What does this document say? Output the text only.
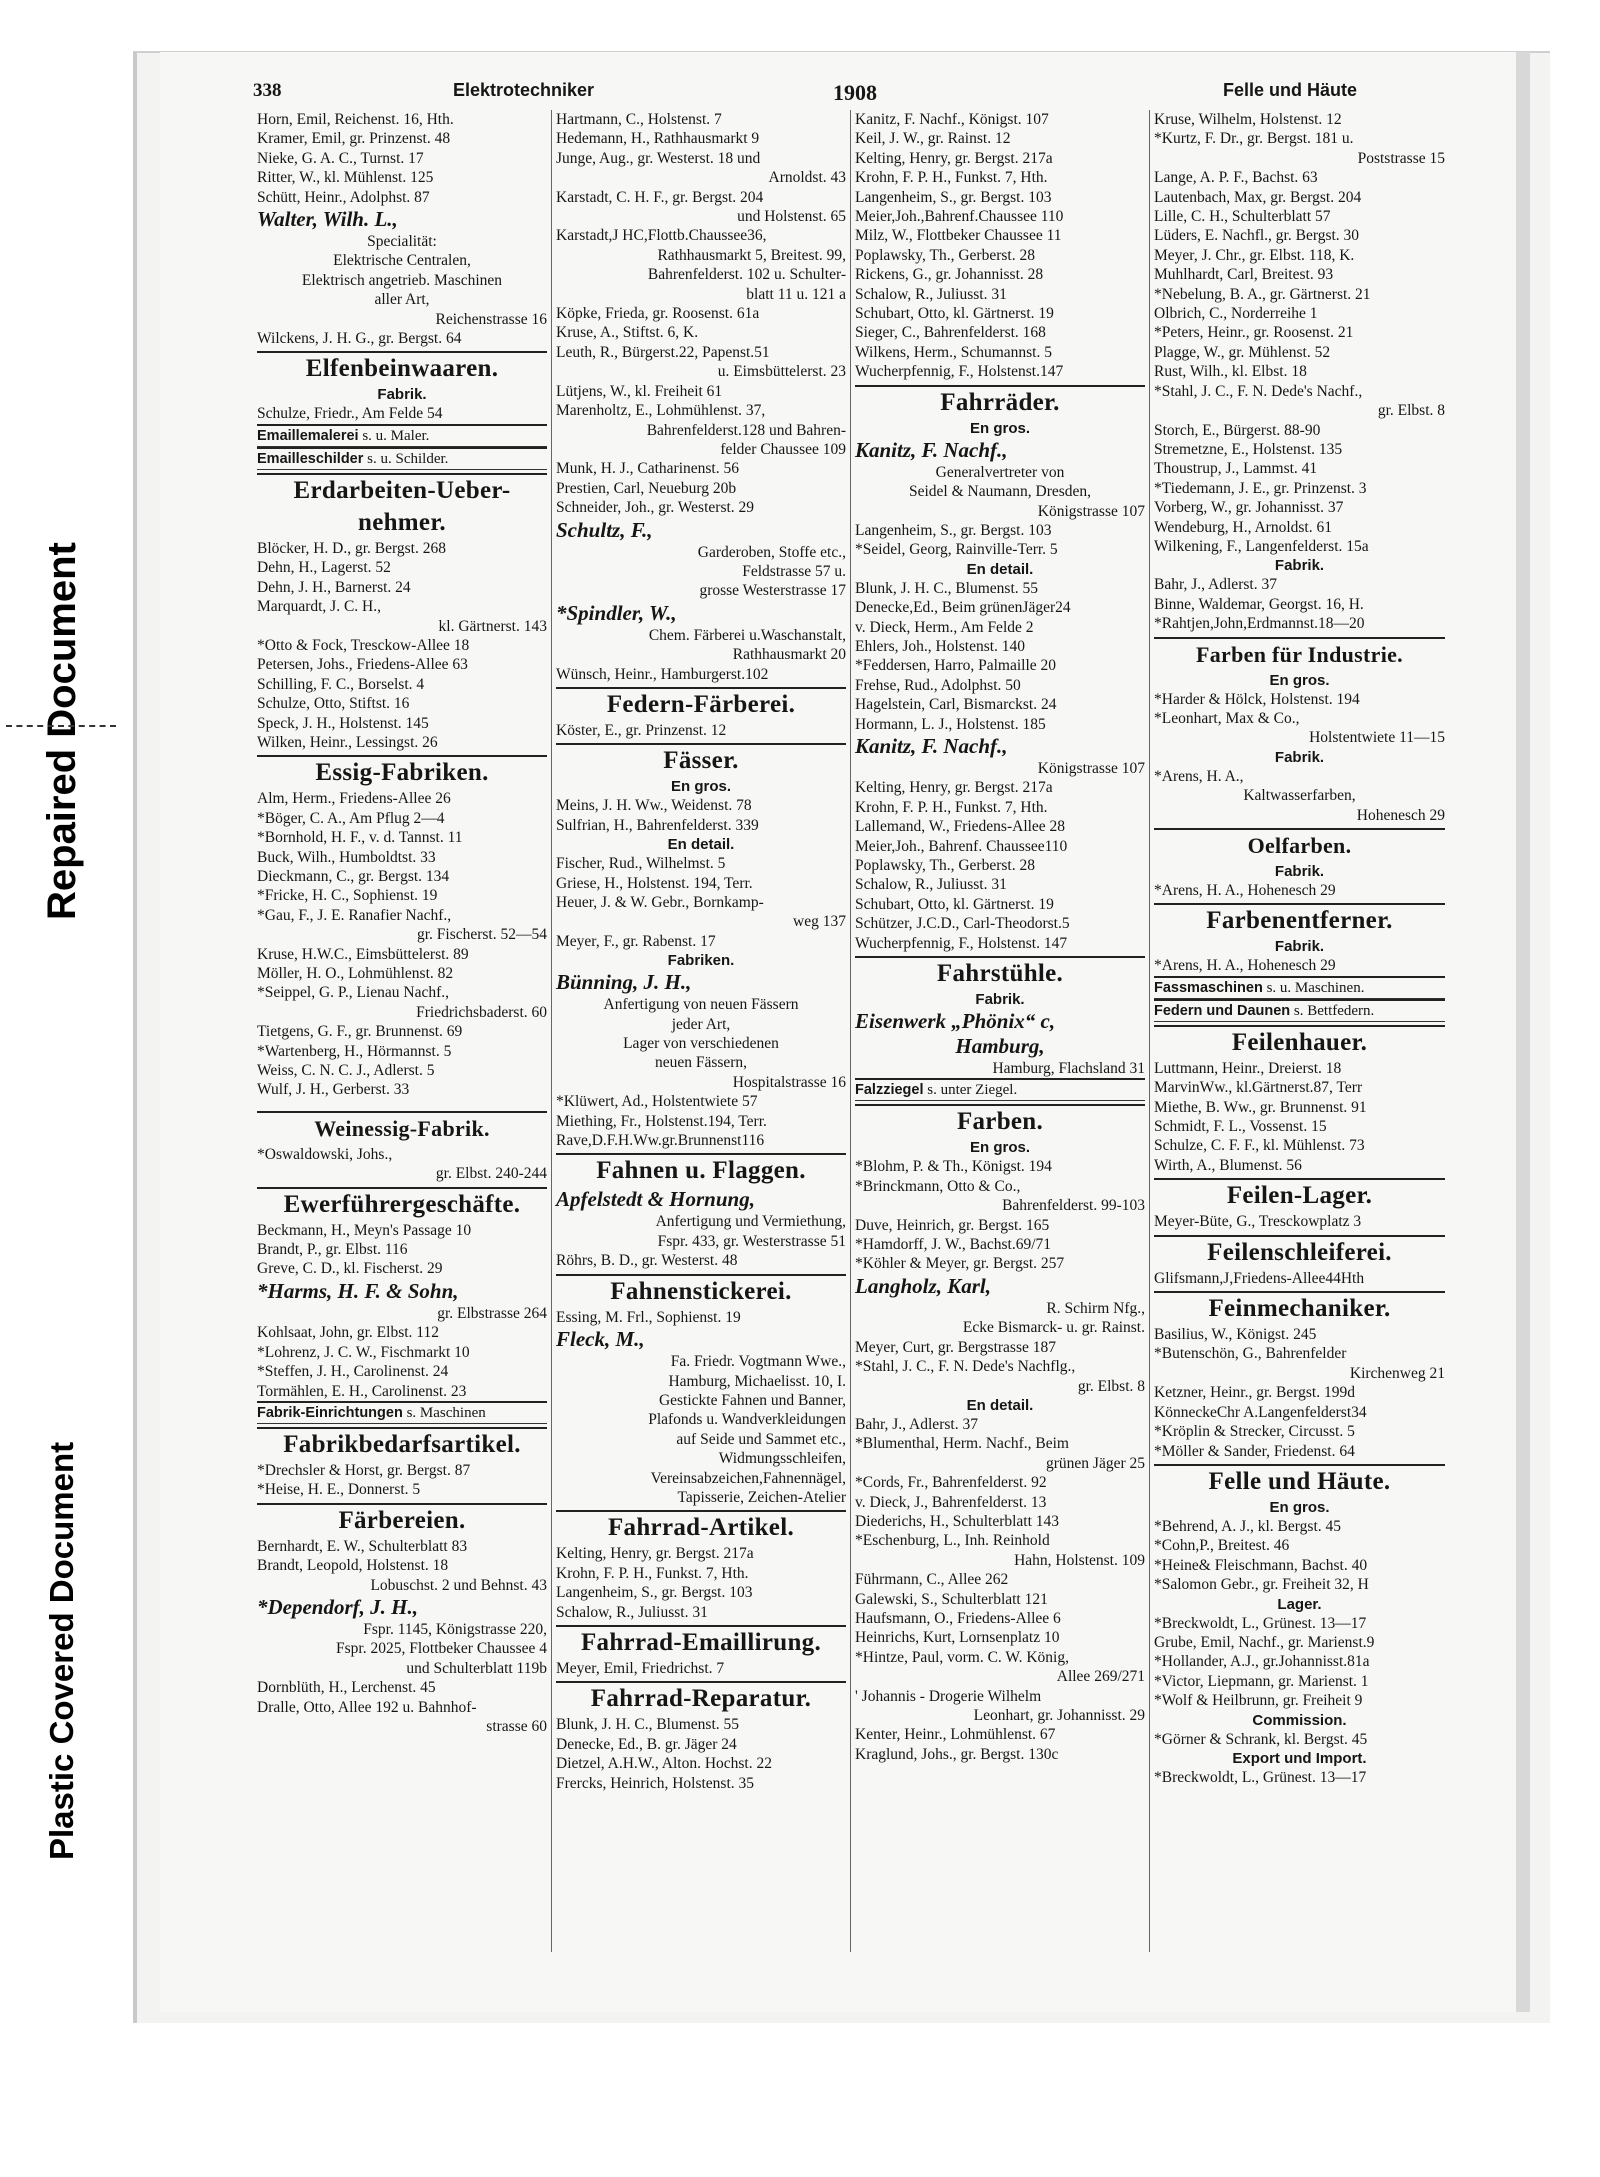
Repaired Document
Plastic Covered Document
338	Elektrotechniker	1908	Felle und Häute
Horn, Emil, Reichenst. 16, Hth.
Kramer, Emil, gr. Prinzenst. 48
Nieke, G. A. C., Turnst. 17
Ritter, W., kl. Mühlenst. 125
Schütt, Heinr., Adolphst. 87
Walter, Wilh. L.,
Specialität:
Elektrische Centralen,
Elektrisch angetrieb. Maschinen
aller Art,
Reichenstrasse 16
Wilckens, J. H. G., gr. Bergst. 64
Elfenbeinwaaren.
Fabrik.
Schulze, Friedr., Am Felde 54
Emaillemalerei s. u. Maler.
Emailleschilder s. u. Schilder.
Erdarbeiten-Ueber-
nehmer.
Blöcker, H. D., gr. Bergst. 268
Dehn, H., Lagerst. 52
Dehn, J. H., Barnerst. 24
Marquardt, J. C. H.,
kl. Gärtnerst. 143
*Otto & Fock, Tresckow-Allee 18
Petersen, Johs., Friedens-Allee 63
Schilling, F. C., Borselst. 4
Schulze, Otto, Stiftst. 16
Speck, J. H., Holstenst. 145
Wilken, Heinr., Lessingst. 26
Essig-Fabriken.
Alm, Herm., Friedens-Allee 26
*Böger, C. A., Am Pflug 2—4
*Bornhold, H. F., v. d. Tannst. 11
Buck, Wilh., Humboldtst. 33
Dieckmann, C., gr. Bergst. 134
*Fricke, H. C., Sophienst. 19
*Gau, F., J. E. Ranafier Nachf.,
gr. Fischerst. 52—54
Kruse, H.W.C., Eimsbüttelerst. 89
Möller, H. O., Lohmühlenst. 82
*Seippel, G. P., Lienau Nachf.,
Friedrichsbaderst. 60
Tietgens, G. F., gr. Brunnenst. 69
*Wartenberg, H., Hörmannst. 5
Weiss, C. N. C. J., Adlerst. 5
Wulf, J. H., Gerberst. 33
Weinessig-Fabrik.
*Oswaldowski, Johs.,
gr. Elbst. 240-244
Ewerführergeschäfte.
Beckmann, H., Meyn's Passage 10
Brandt, P., gr. Elbst. 116
Greve, C. D., kl. Fischerst. 29
*Harms, H. F. & Sohn,
gr. Elbstrasse 264
Kohlsaat, John, gr. Elbst. 112
*Lohrenz, J. C. W., Fischmarkt 10
*Steffen, J. H., Carolinenst. 24
Tormählen, E. H., Carolinenst. 23
Fabrik-Einrichtungen s. Maschinen
Fabrikbedarfsartikel.
*Drechsler & Horst, gr. Bergst. 87
*Heise, H. E., Donnerst. 5
Färbereien.
Bernhardt, E. W., Schulterblatt 83
Brandt, Leopold, Holstenst. 18
Lobuschst. 2 und Behnst. 43
*Dependorf, J. H.,
Fspr. 1145, Königstrasse 220,
Fspr. 2025, Flottbeker Chaussee 4
und Schulterblatt 119b
Dornblüth, H., Lerchenst. 45
Dralle, Otto, Allee 192 u. Bahnhof-
strasse 60
Hartmann, C., Holstenst. 7
Hedemann, H., Rathhausmarkt 9
Junge, Aug., gr. Westerst. 18 und
Arnoldst. 43
Karstadt, C. H. F., gr. Bergst. 204
und Holstenst. 65
Karstadt,J HC,Flottb.Chaussee36,
Rathhausmarkt 5, Breitest. 99,
Bahrenfelderst. 102 u. Schulter-
blatt 11 u. 121 a
Köpke, Frieda, gr. Roosenst. 61a
Kruse, A., Stiftst. 6, K.
Leuth, R., Bürgerst.22, Papenst.51
u. Eimsbüttelerst. 23
Lütjens, W., kl. Freiheit 61
Marenholtz, E., Lohmühlenst. 37,
Bahrenfelderst.128 und Bahren-
felder Chaussee 109
Munk, H. J., Catharinenst. 56
Prestien, Carl, Neueburg 20b
Schneider, Joh., gr. Westerst. 29
Schultz, F.,
Garderoben, Stoffe etc.,
Feldstrasse 57 u.
grosse Westerstrasse 17
*Spindler, W.,
Chem. Färberei u.Waschanstalt,
Rathhausmarkt 20
Wünsch, Heinr., Hamburgerst.102
Federn-Färberei.
Köster, E., gr. Prinzenst. 12
Fässer.
En gros.
Meins, J. H. Ww., Weidenst. 78
Sulfrian, H., Bahrenfelderst. 339
En detail.
Fischer, Rud., Wilhelmst. 5
Griese, H., Holstenst. 194, Terr.
Heuer, J. & W. Gebr., Bornkamp-
weg 137
Meyer, F., gr. Rabenst. 17
Fabriken.
Bünning, J. H.,
Anfertigung von neuen Fässern
jeder Art,
Lager von verschiedenen
neuen Fässern,
Hospitalstrasse 16
*Klüwert, Ad., Holstentwiete 57
Miething, Fr., Holstenst.194, Terr.
Rave,D.F.H.Ww.gr.Brunnenst116
Fahnen u. Flaggen.
Apfelstedt & Hornung,
Anfertigung und Vermiethung,
Fspr. 433, gr. Westerstrasse 51
Röhrs, B. D., gr. Westerst. 48
Fahnenstickerei.
Essing, M. Frl., Sophienst. 19
Fleck, M.,
Fa. Friedr. Vogtmann Wwe.,
Hamburg, Michaelisst. 10, I.
Gestickte Fahnen und Banner,
Plafonds u. Wandverkleidungen
auf Seide und Sammet etc.,
Widmungsschleifen,
Vereinsabzeichen,Fahnennägel,
Tapisserie, Zeichen-Atelier
Fahrrad-Artikel.
Kelting, Henry, gr. Bergst. 217a
Krohn, F. P. H., Funkst. 7, Hth.
Langenheim, S., gr. Bergst. 103
Schalow, R., Juliusst. 31
Fahrrad-Emaillirung.
Meyer, Emil, Friedrichst. 7
Fahrrad-Reparatur.
Blunk, J. H. C., Blumenst. 55
Denecke, Ed., B. gr. Jäger 24
Dietzel, A.H.W., Alton. Hochst. 22
Frercks, Heinrich, Holstenst. 35
Kanitz, F. Nachf., Königst. 107
Keil, J. W., gr. Rainst. 12
Kelting, Henry, gr. Bergst. 217a
Krohn, F. P. H., Funkst. 7, Hth.
Langenheim, S., gr. Bergst. 103
Meier,Joh.,Bahrenf.Chaussee 110
Milz, W., Flottbeker Chaussee 11
Poplawsky, Th., Gerberst. 28
Rickens, G., gr. Johannisst. 28
Schalow, R., Juliusst. 31
Schubart, Otto, kl. Gärtnerst. 19
Sieger, C., Bahrenfelderst. 168
Wilkens, Herm., Schumannst. 5
Wucherpfennig, F., Holstenst.147
Fahrräder.
En gros.
Kanitz, F. Nachf.,
Generalvertreter von
Seidel & Naumann, Dresden,
Königstrasse 107
Langenheim, S., gr. Bergst. 103
*Seidel, Georg, Rainville-Terr. 5
En detail.
Blunk, J. H. C., Blumenst. 55
Denecke,Ed., Beim grünenJäger24
v. Dieck, Herm., Am Felde 2
Ehlers, Joh., Holstenst. 140
*Feddersen, Harro, Palmaille 20
Frehse, Rud., Adolphst. 50
Hagelstein, Carl, Bismarckst. 24
Hormann, L. J., Holstenst. 185
Kanitz, F. Nachf.,
Königstrasse 107
Kelting, Henry, gr. Bergst. 217a
Krohn, F. P. H., Funkst. 7, Hth.
Lallemand, W., Friedens-Allee 28
Meier,Joh., Bahrenf. Chaussee110
Poplawsky, Th., Gerberst. 28
Schalow, R., Juliusst. 31
Schubart, Otto, kl. Gärtnerst. 19
Schützer, J.C.D., Carl-Theodorst.5
Wucherpfennig, F., Holstenst. 147
Fahrstühle.
Fabrik.
Eisenwerk „Phönix“ c,
Hamburg,
Hamburg, Flachsland 31
Falzziegel s. unter Ziegel.
Farben.
En gros.
*Blohm, P. & Th., Königst. 194
*Brinckmann, Otto & Co.,
Bahrenfelderst. 99-103
Duve, Heinrich, gr. Bergst. 165
*Hamdorff, J. W., Bachst.69/71
*Köhler & Meyer, gr. Bergst. 257
Langholz, Karl,
R. Schirm Nfg.,
Ecke Bismarck- u. gr. Rainst.
Meyer, Curt, gr. Bergstrasse 187
*Stahl, J. C., F. N. Dede's Nachflg.,
gr. Elbst. 8
En detail.
Bahr, J., Adlerst. 37
*Blumenthal, Herm. Nachf., Beim
grünen Jäger 25
*Cords, Fr., Bahrenfelderst. 92
v. Dieck, J., Bahrenfelderst. 13
Diederichs, H., Schulterblatt 143
*Eschenburg, L., Inh. Reinhold
Hahn, Holstenst. 109
Führmann, C., Allee 262
Galewski, S., Schulterblatt 121
Haufsmann, O., Friedens-Allee 6
Heinrichs, Kurt, Lornsenplatz 10
*Hintze, Paul, vorm. C. W. König,
Allee 269/271
' Johannis - Drogerie Wilhelm
Leonhart, gr. Johannisst. 29
Kenter, Heinr., Lohmühlenst. 67
Kraglund, Johs., gr. Bergst. 130c
Kruse, Wilhelm, Holstenst. 12
*Kurtz, F. Dr., gr. Bergst. 181 u.
Poststrasse 15
Lange, A. P. F., Bachst. 63
Lautenbach, Max, gr. Bergst. 204
Lille, C. H., Schulterblatt 57
Lüders, E. Nachfl., gr. Bergst. 30
Meyer, J. Chr., gr. Elbst. 118, K.
Muhlhardt, Carl, Breitest. 93
*Nebelung, B. A., gr. Gärtnerst. 21
Olbrich, C., Norderreihe 1
*Peters, Heinr., gr. Roosenst. 21
Plagge, W., gr. Mühlenst. 52
Rust, Wilh., kl. Elbst. 18
*Stahl, J. C., F. N. Dede's Nachf.,
gr. Elbst. 8
Storch, E., Bürgerst. 88-90
Stremetzne, E., Holstenst. 135
Thoustrup, J., Lammst. 41
*Tiedemann, J. E., gr. Prinzenst. 3
Vorberg, W., gr. Johannisst. 37
Wendeburg, H., Arnoldst. 61
Wilkening, F., Langenfelderst. 15a
Fabrik.
Bahr, J., Adlerst. 37
Binne, Waldemar, Georgst. 16, H.
*Rahtjen,John,Erdmannst.18—20
Farben für Industrie.
En gros.
*Harder & Hölck, Holstenst. 194
*Leonhart, Max & Co.,
Holstentwiete 11—15
Fabrik.
*Arens, H. A.,
Kaltwasserfarben,
Hohenesch 29
Oelfarben.
Fabrik.
*Arens, H. A., Hohenesch 29
Farbenentferner.
Fabrik.
*Arens, H. A., Hohenesch 29
Fassmaschinen s. u. Maschinen.
Federn und Daunen s. Bettfedern.
Feilenhauer.
Luttmann, Heinr., Dreierst. 18
MarvinWw., kl.Gärtnerst.87, Terr
Miethe, B. Ww., gr. Brunnenst. 91
Schmidt, F. L., Vossenst. 15
Schulze, C. F. F., kl. Mühlenst. 73
Wirth, A., Blumenst. 56
Feilen-Lager.
Meyer-Büte, G., Tresckowplatz 3
Feilenschleiferei.
Glifsmann,J,Friedens-Allee44Hth
Feinmechaniker.
Basilius, W., Königst. 245
*Butenschön, G., Bahrenfelder
Kirchenweg 21
Ketzner, Heinr., gr. Bergst. 199d
KönneckeChr A.Langenfelderst34
*Kröplin & Strecker, Circusst. 5
*Möller & Sander, Friedenst. 64
Felle und Häute.
En gros.
*Behrend, A. J., kl. Bergst. 45
*Cohn,P., Breitest. 46
*Heine& Fleischmann, Bachst. 40
*Salomon Gebr., gr. Freiheit 32, H
Lager.
*Breckwoldt, L., Grünest. 13—17
Grube, Emil, Nachf., gr. Marienst.9
*Hollander, A.J., gr.Johannisst.81a
*Victor, Liepmann, gr. Marienst. 1
*Wolf & Heilbrunn, gr. Freiheit 9
Commission.
*Görner & Schrank, kl. Bergst. 45
Export und Import.
*Breckwoldt, L., Grünest. 13—17
